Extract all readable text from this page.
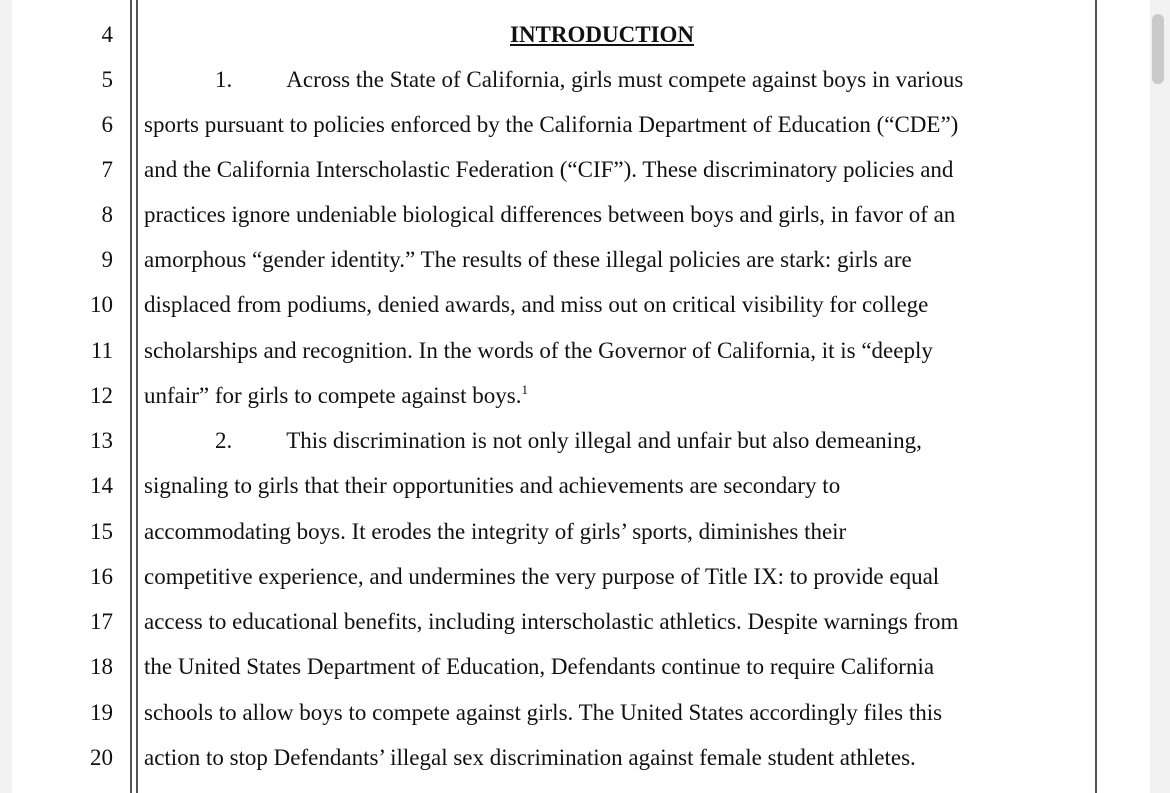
4	INTRODUCTION
5	1. Across the State of California, girls must compete against boys in various
6 sports pursuant to policies enforced by the California Department of Education (“CDE”)
7 and the California Interscholastic Federation (“CIF”). These discriminatory policies and
8 practices ignore undeniable biological differences between boys and girls, in favor of an
9 amorphous “gender identity.” The results of these illegal policies are stark: girls are
10 displaced from podiums, denied awards, and miss out on critical visibility for college
11 scholarships and recognition. In the words of the Governor of California, it is “deeply
12 unfair” for girls to compete against boys.$^1$
13	2. This discrimination is not only illegal and unfair but also demeaning,
14 signaling to girls that their opportunities and achievements are secondary to
15 accommodating boys. It erodes the integrity of girls’ sports, diminishes their
16 competitive experience, and undermines the very purpose of Title IX: to provide equal
17 access to educational benefits, including interscholastic athletics. Despite warnings from
18 the United States Department of Education, Defendants continue to require California
19 schools to allow boys to compete against girls. The United States accordingly files this
20 action to stop Defendants’ illegal sex discrimination against female student athletes.
